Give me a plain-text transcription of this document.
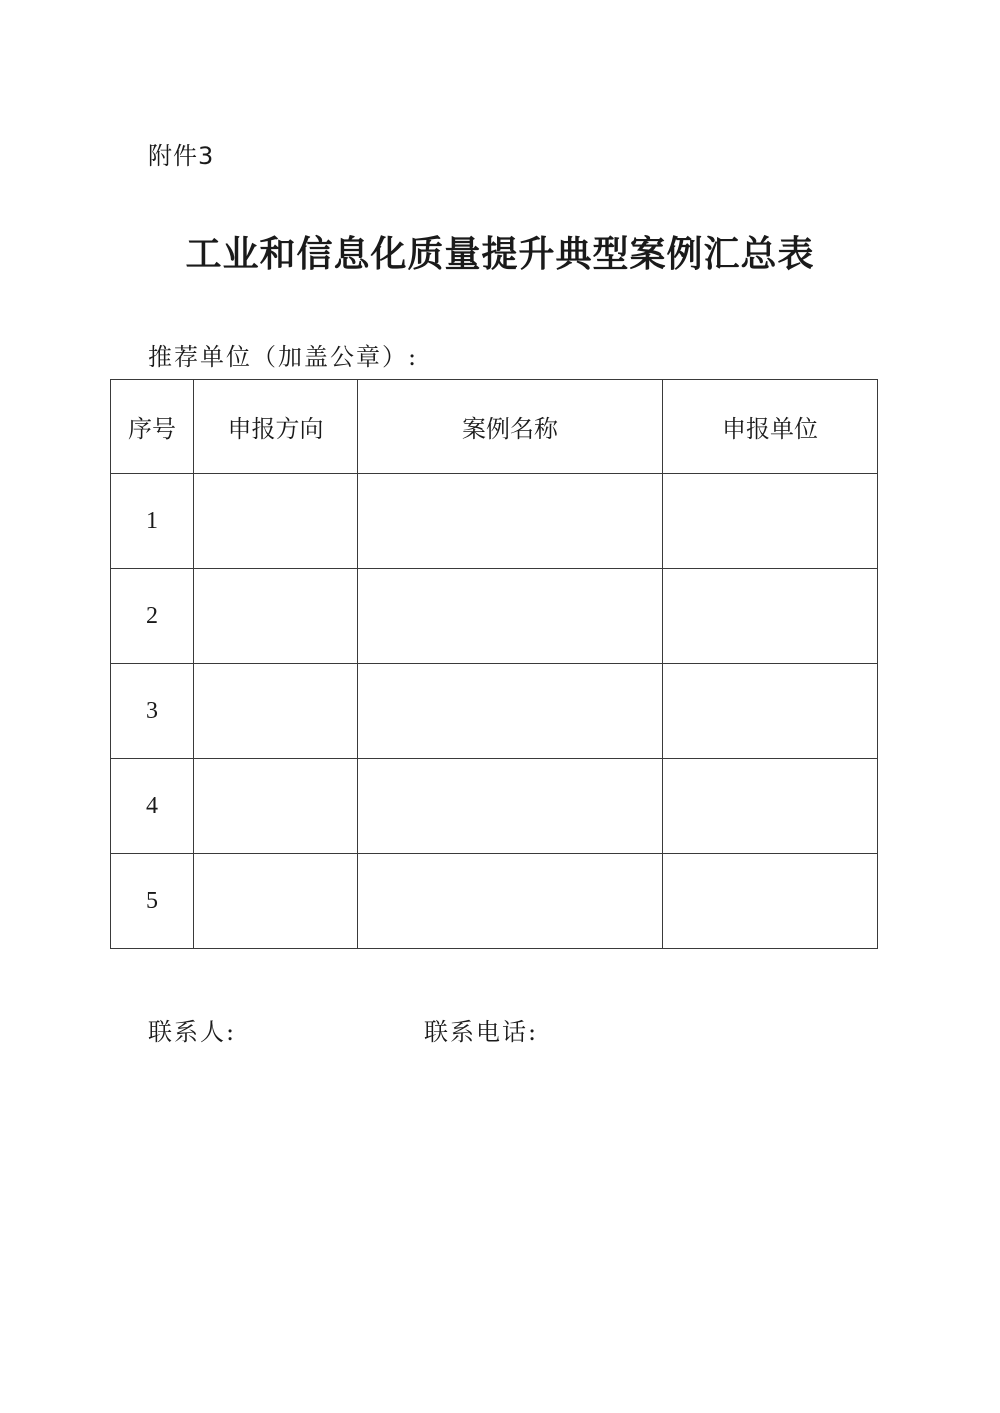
附件3
工业和信息化质量提升典型案例汇总表
推荐单位（加盖公章）:
序号	申报方向	案例名称	申报单位
1			
2			
3			
4			
5			
联系人:	联系电话:
